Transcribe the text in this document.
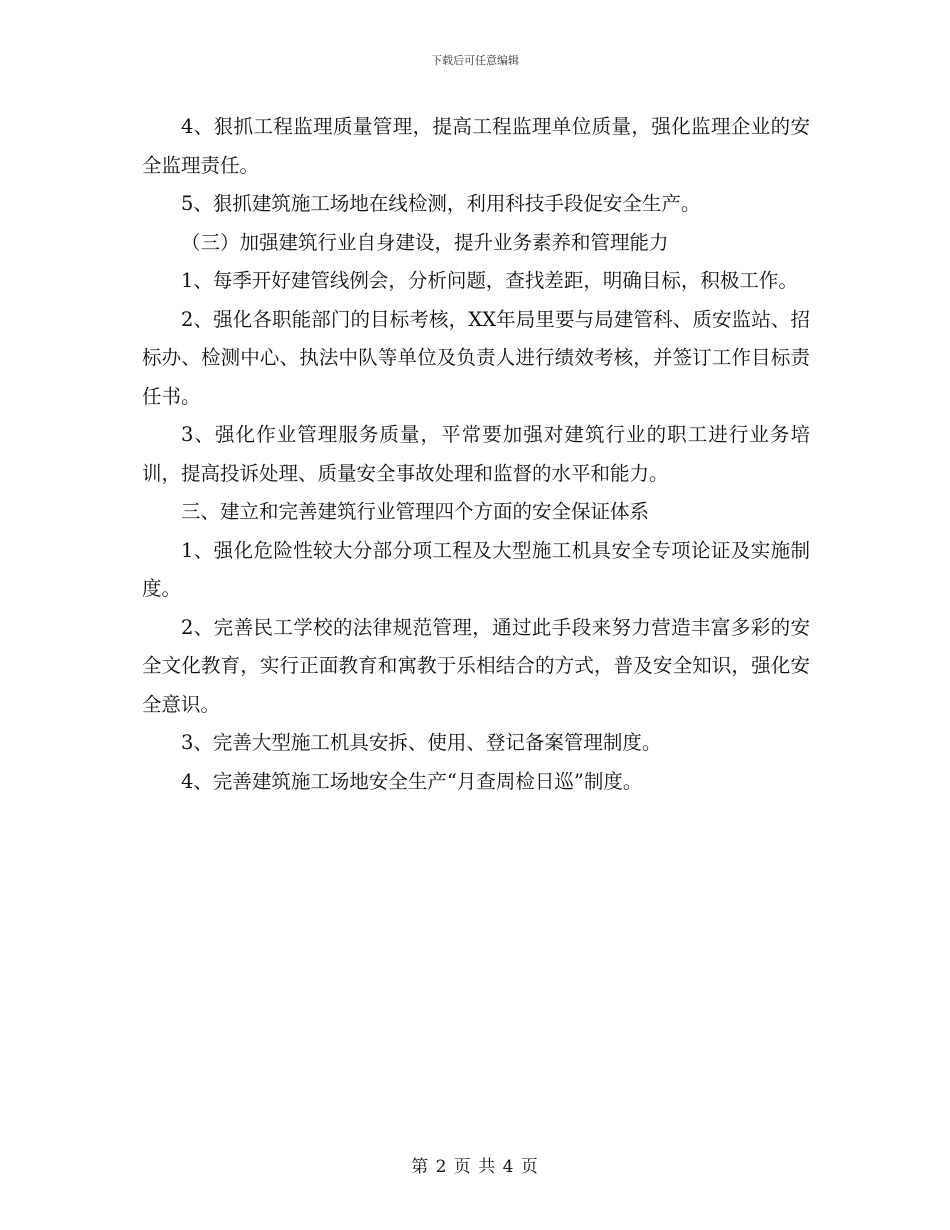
下载后可任意编辑

4、狠抓工程监理质量管理，提高工程监理单位质量，强化监理企业的安全监理责任。

5、狠抓建筑施工场地在线检测，利用科技手段促安全生产。

（三）加强建筑行业自身建设，提升业务素养和管理能力

1、每季开好建管线例会，分析问题，查找差距，明确目标，积极工作。

2、强化各职能部门的目标考核，XX年局里要与局建管科、质安监站、招标办、检测中心、执法中队等单位及负责人进行绩效考核，并签订工作目标责任书。

3、强化作业管理服务质量，平常要加强对建筑行业的职工进行业务培训，提高投诉处理、质量安全事故处理和监督的水平和能力。

三、建立和完善建筑行业管理四个方面的安全保证体系

1、强化危险性较大分部分项工程及大型施工机具安全专项论证及实施制度。

2、完善民工学校的法律规范管理，通过此手段来努力营造丰富多彩的安全文化教育，实行正面教育和寓教于乐相结合的方式，普及安全知识，强化安全意识。

3、完善大型施工机具安拆、使用、登记备案管理制度。

4、完善建筑施工场地安全生产“月查周检日巡”制度。

第 2 页 共 4 页
